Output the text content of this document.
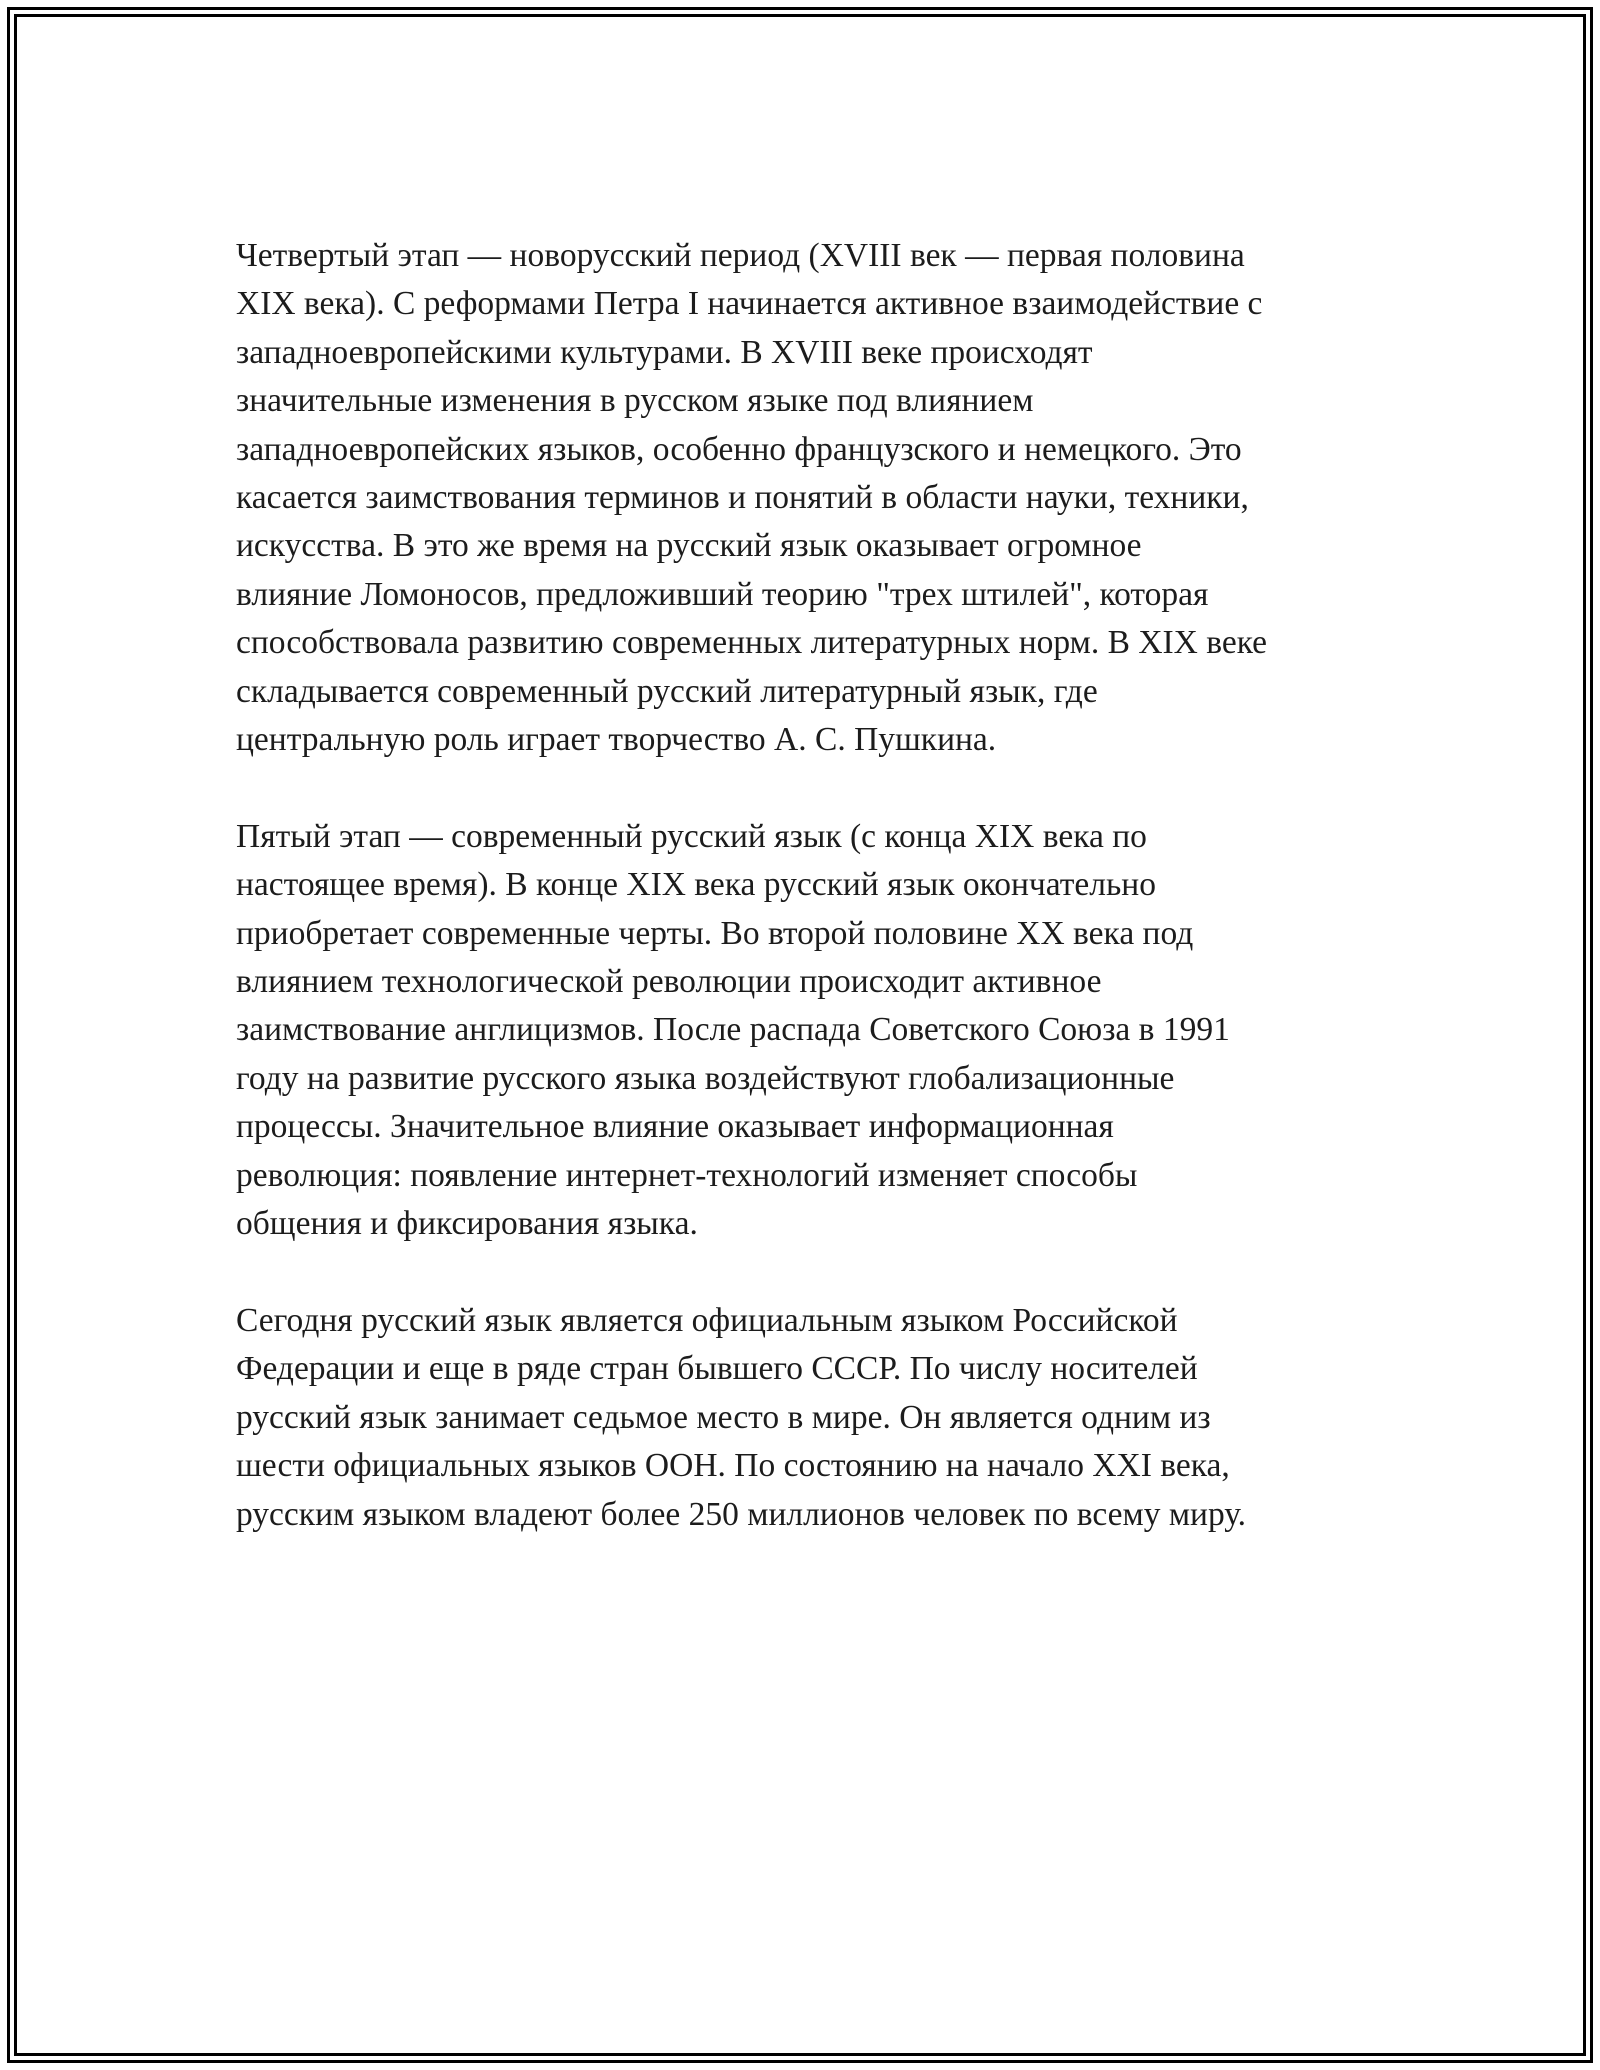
Четвертый этап — новорусский период (XVIII век — первая половина
XIX века). С реформами Петра I начинается активное взаимодействие с
западноевропейскими культурами. В XVIII веке происходят
значительные изменения в русском языке под влиянием
западноевропейских языков, особенно французского и немецкого. Это
касается заимствования терминов и понятий в области науки, техники,
искусства. В это же время на русский язык оказывает огромное
влияние Ломоносов, предложивший теорию "трех штилей", которая
способствовала развитию современных литературных норм. В XIX веке
складывается современный русский литературный язык, где
центральную роль играет творчество А. С. Пушкина.

Пятый этап — современный русский язык (с конца XIX века по
настоящее время). В конце XIX века русский язык окончательно
приобретает современные черты. Во второй половине XX века под
влиянием технологической революции происходит активное
заимствование англицизмов. После распада Советского Союза в 1991
году на развитие русского языка воздействуют глобализационные
процессы. Значительное влияние оказывает информационная
революция: появление интернет-технологий изменяет способы
общения и фиксирования языка.

Сегодня русский язык является официальным языком Российской
Федерации и еще в ряде стран бывшего СССР. По числу носителей
русский язык занимает седьмое место в мире. Он является одним из
шести официальных языков ООН. По состоянию на начало XXI века,
русским языком владеют более 250 миллионов человек по всему миру.
